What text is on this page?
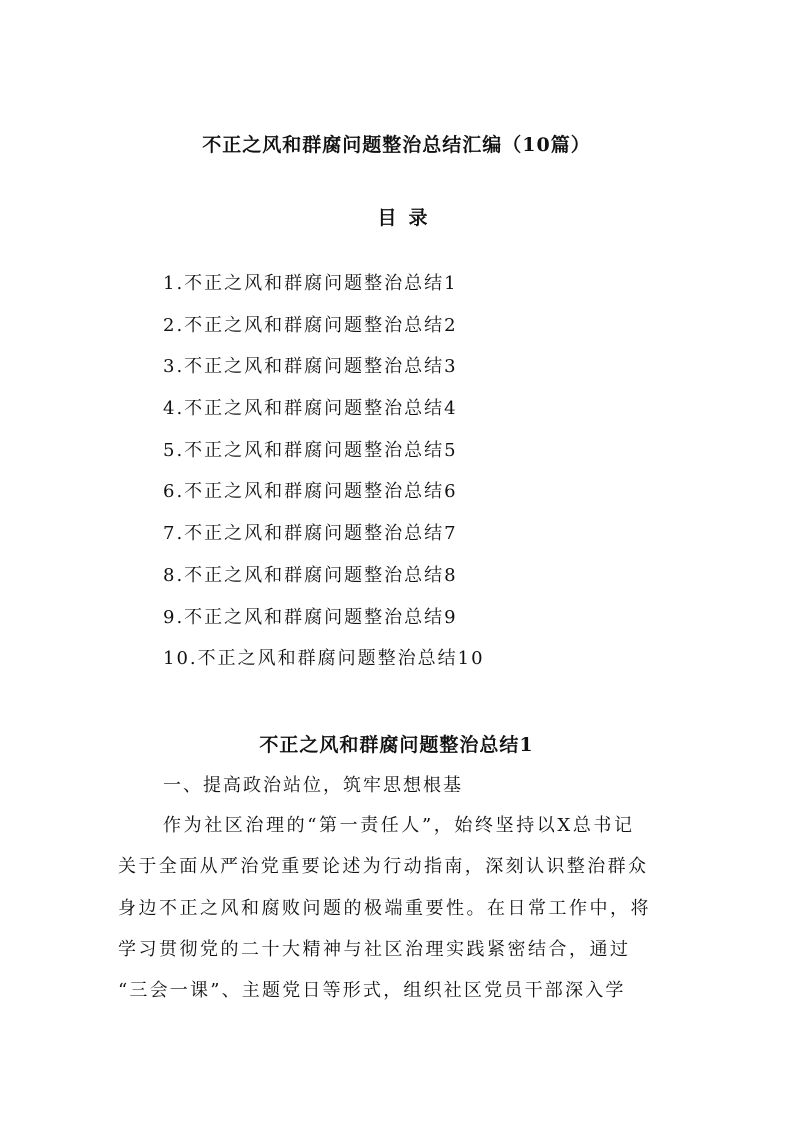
不正之风和群腐问题整治总结汇编（10篇）
目录
1.不正之风和群腐问题整治总结1
2.不正之风和群腐问题整治总结2
3.不正之风和群腐问题整治总结3
4.不正之风和群腐问题整治总结4
5.不正之风和群腐问题整治总结5
6.不正之风和群腐问题整治总结6
7.不正之风和群腐问题整治总结7
8.不正之风和群腐问题整治总结8
9.不正之风和群腐问题整治总结9
10.不正之风和群腐问题整治总结10
不正之风和群腐问题整治总结1
一、提高政治站位，筑牢思想根基
作为社区治理的“第一责任人”，始终坚持以X总书记
关于全面从严治党重要论述为行动指南，深刻认识整治群众
身边不正之风和腐败问题的极端重要性。在日常工作中，将
学习贯彻党的二十大精神与社区治理实践紧密结合，通过
“三会一课”、主题党日等形式，组织社区党员干部深入学
